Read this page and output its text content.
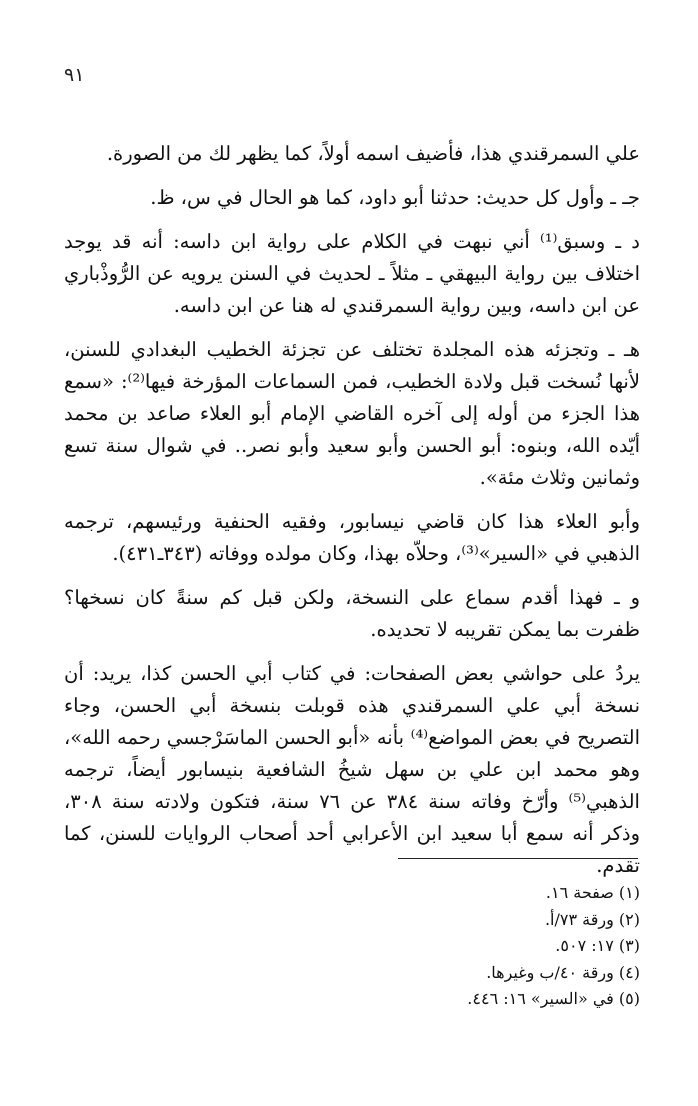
٩١

علي السمرقندي هذا، فأضيف اسمه أولاً، كما يظهر لك من الصورة.

جـ ـ وأول كل حديث: حدثنا أبو داود، كما هو الحال في س، ظ.

د ـ وسبق⁽¹⁾ أني نبهت في الكلام على رواية ابن داسه: أنه قد يوجد اختلاف بين رواية البيهقي ـ مثلاً ـ لحديث في السنن يرويه عن الرُّوذْباري عن ابن داسه، وبين رواية السمرقندي له هنا عن ابن داسه.

هـ ـ وتجزئه هذه المجلدة تختلف عن تجزئة الخطيب البغدادي للسنن، لأنها نُسخت قبل ولادة الخطيب، فمن السماعات المؤرخة فيها⁽²⁾: «سمع هذا الجزء من أوله إلى آخره القاضي الإمام أبو العلاء صاعد بن محمد أيّده الله، وبنوه: أبو الحسن وأبو سعيد وأبو نصر.. في شوال سنة تسع وثمانين وثلاث مئة».

وأبو العلاء هذا كان قاضي نيسابور، وفقيه الحنفية ورئيسهم، ترجمه الذهبي في «السير»⁽³⁾، وحلاّه بهذا، وكان مولده ووفاته (٣٤٣ـ٤٣١).

و ـ فهذا أقدم سماع على النسخة، ولكن قبل كم سنةً كان نسخها؟ ظفرت بما يمكن تقريبه لا تحديده.

يردُ على حواشي بعض الصفحات: في كتاب أبي الحسن كذا، يريد: أن نسخة أبي علي السمرقندي هذه قوبلت بنسخة أبي الحسن، وجاء التصريح في بعض المواضع⁽⁴⁾ بأنه «أبو الحسن الماسَرْجسي رحمه الله»، وهو محمد ابن علي بن سهل شيخُ الشافعية بنيسابور أيضاً، ترجمه الذهبي⁽⁵⁾ وأرّخ وفاته سنة ٣٨٤ عن ٧٦ سنة، فتكون ولادته سنة ٣٠٨، وذكر أنه سمع أبا سعيد ابن الأعرابي أحد أصحاب الروايات للسنن، كما تقدم.

(١) صفحة ١٦.
(٢) ورقة ٧٣/أ.
(٣) ١٧: ٥٠٧.
(٤) ورقة ٤٠/ب وغيرها.
(٥) في «السير» ١٦: ٤٤٦.
